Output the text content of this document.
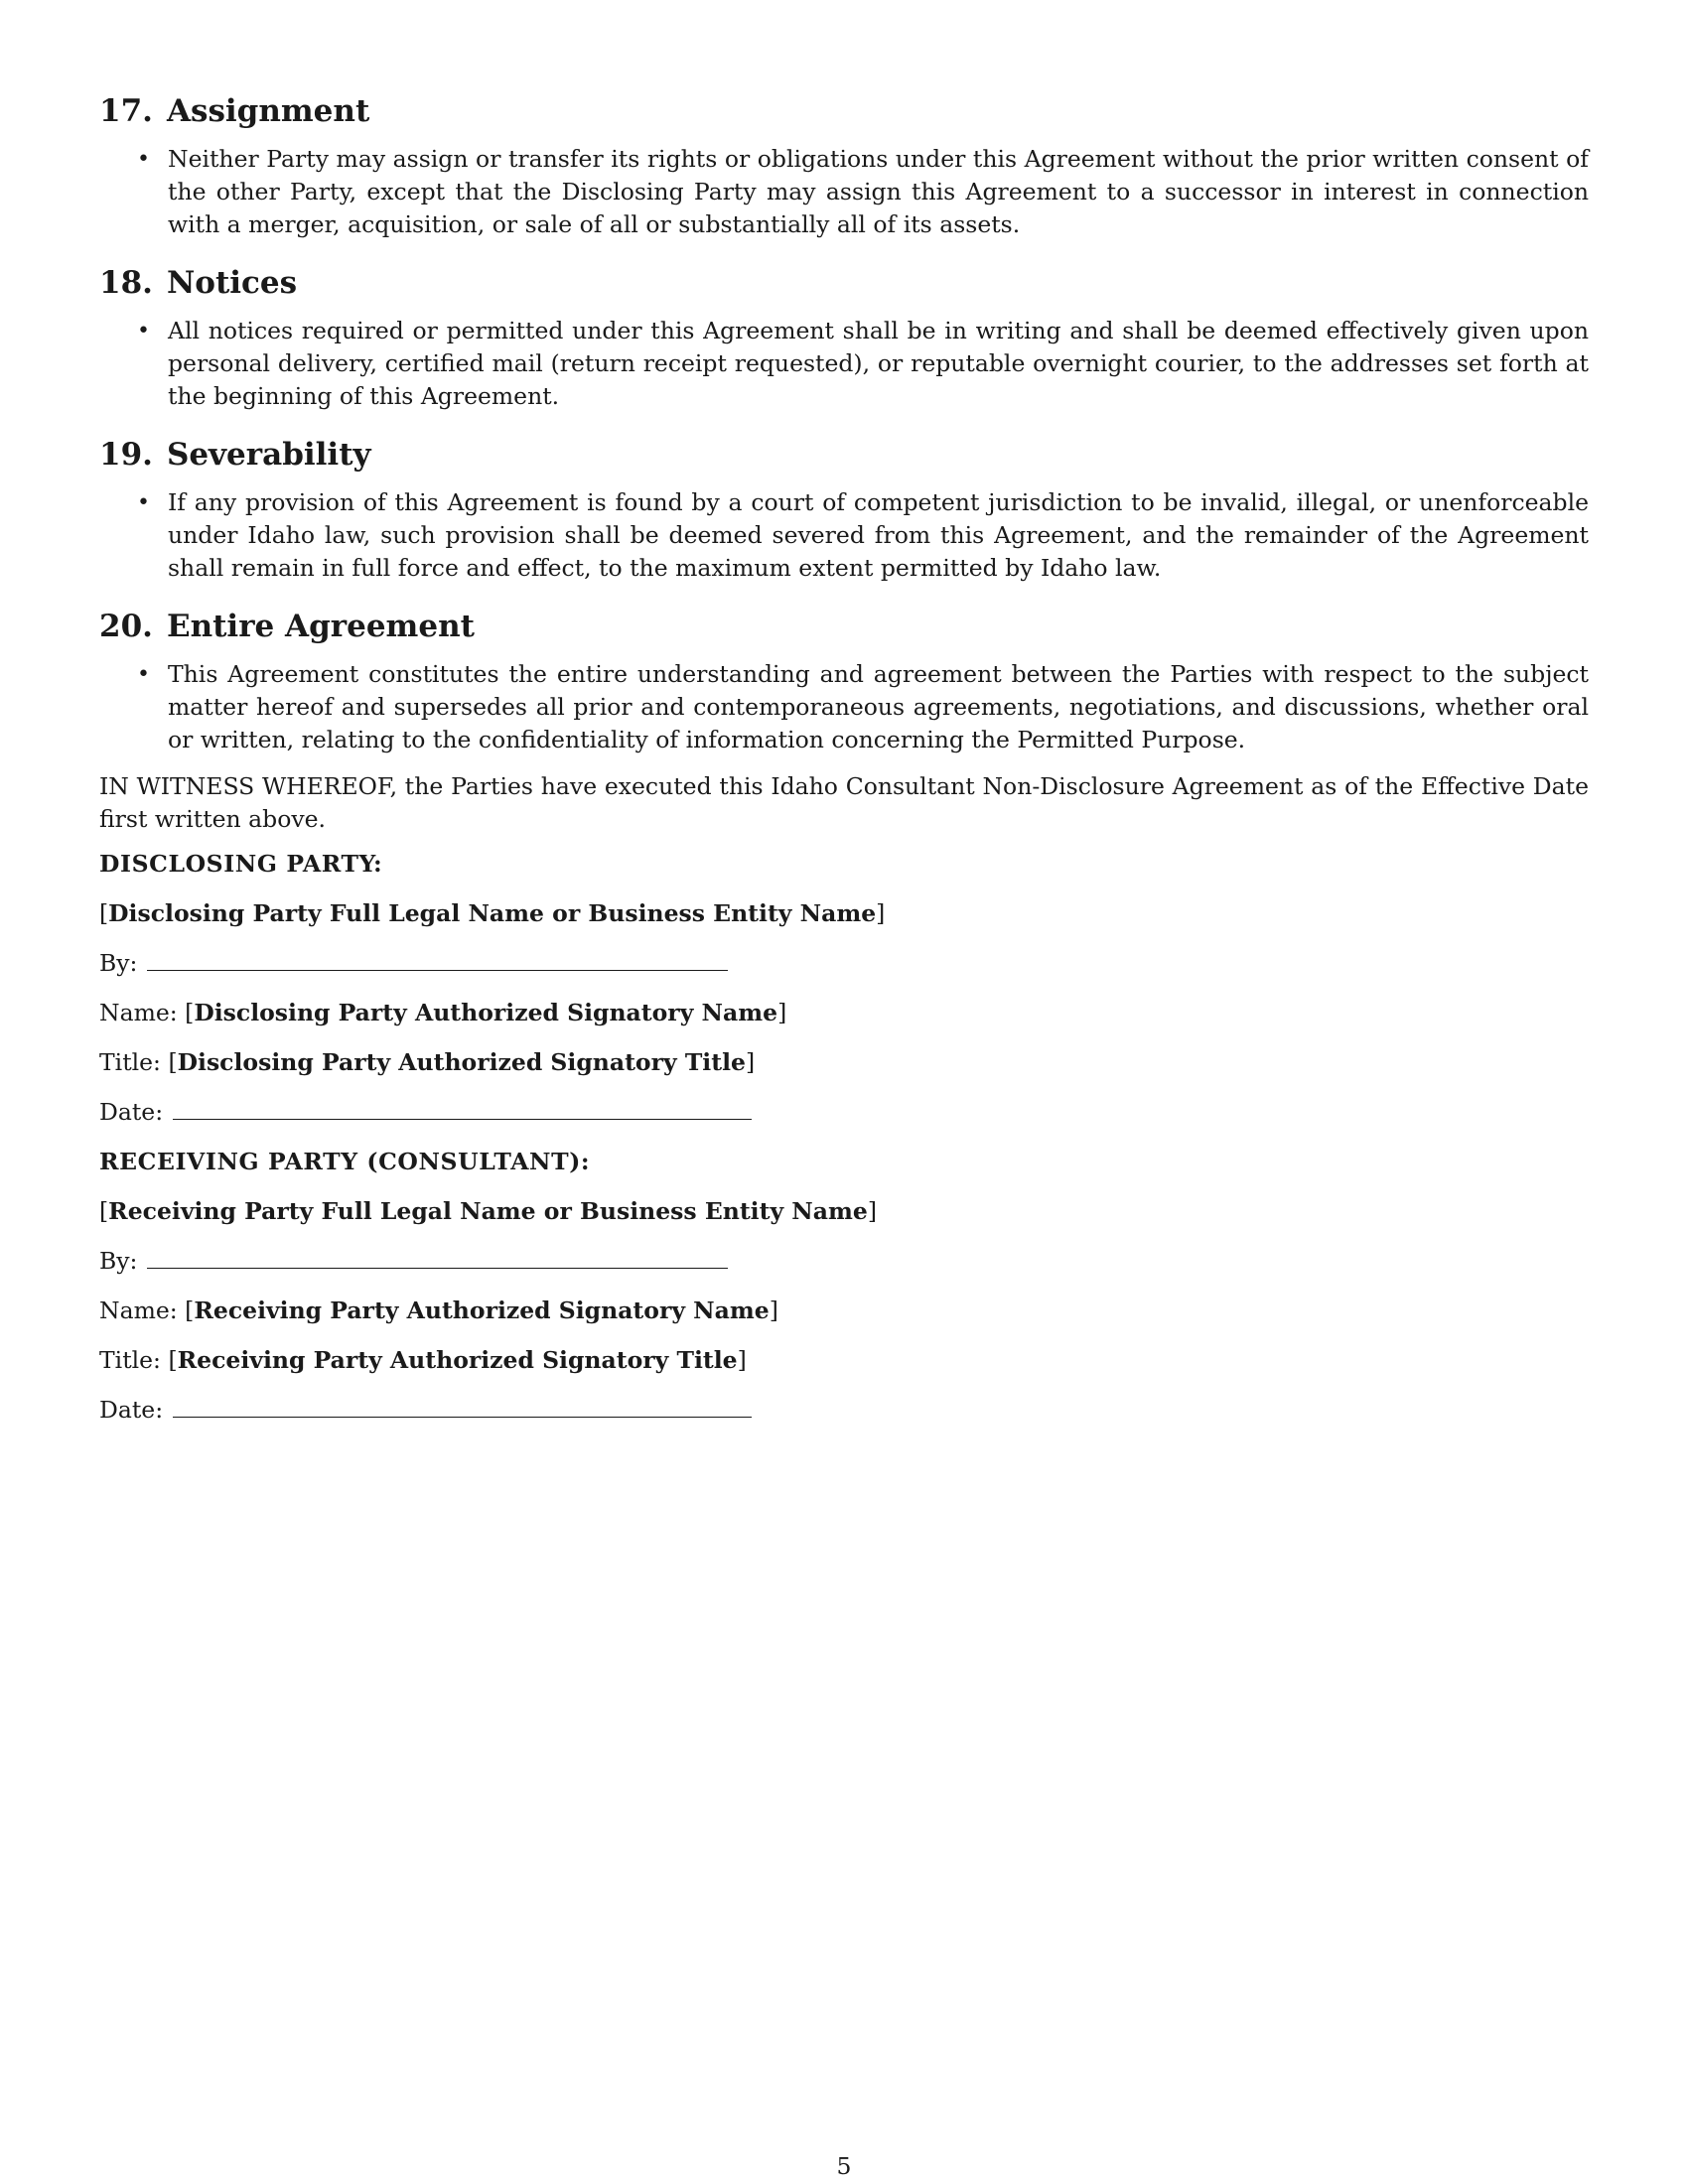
17. Assignment
• Neither Party may assign or transfer its rights or obligations under this Agreement without the prior written consent of the other Party, except that the Disclosing Party may assign this Agreement to a successor in interest in connection with a merger, acquisition, or sale of all or substantially all of its assets.
18. Notices
• All notices required or permitted under this Agreement shall be in writing and shall be deemed effectively given upon personal delivery, certified mail (return receipt requested), or reputable overnight courier, to the addresses set forth at the beginning of this Agreement.
19. Severability
• If any provision of this Agreement is found by a court of competent jurisdiction to be invalid, illegal, or unenforceable under Idaho law, such provision shall be deemed severed from this Agreement, and the remainder of the Agreement shall remain in full force and effect, to the maximum extent permitted by Idaho law.
20. Entire Agreement
• This Agreement constitutes the entire understanding and agreement between the Parties with respect to the subject matter hereof and supersedes all prior and contemporaneous agreements, negotiations, and discussions, whether oral or written, relating to the confidentiality of information concerning the Permitted Purpose.

IN WITNESS WHEREOF, the Parties have executed this Idaho Consultant Non-Disclosure Agreement as of the Effective Date first written above.

DISCLOSING PARTY:

[Disclosing Party Full Legal Name or Business Entity Name]

By:

Name: [Disclosing Party Authorized Signatory Name]

Title: [Disclosing Party Authorized Signatory Title]

Date:

RECEIVING PARTY (CONSULTANT):

[Receiving Party Full Legal Name or Business Entity Name]

By:

Name: [Receiving Party Authorized Signatory Name]

Title: [Receiving Party Authorized Signatory Title]

Date:

5
